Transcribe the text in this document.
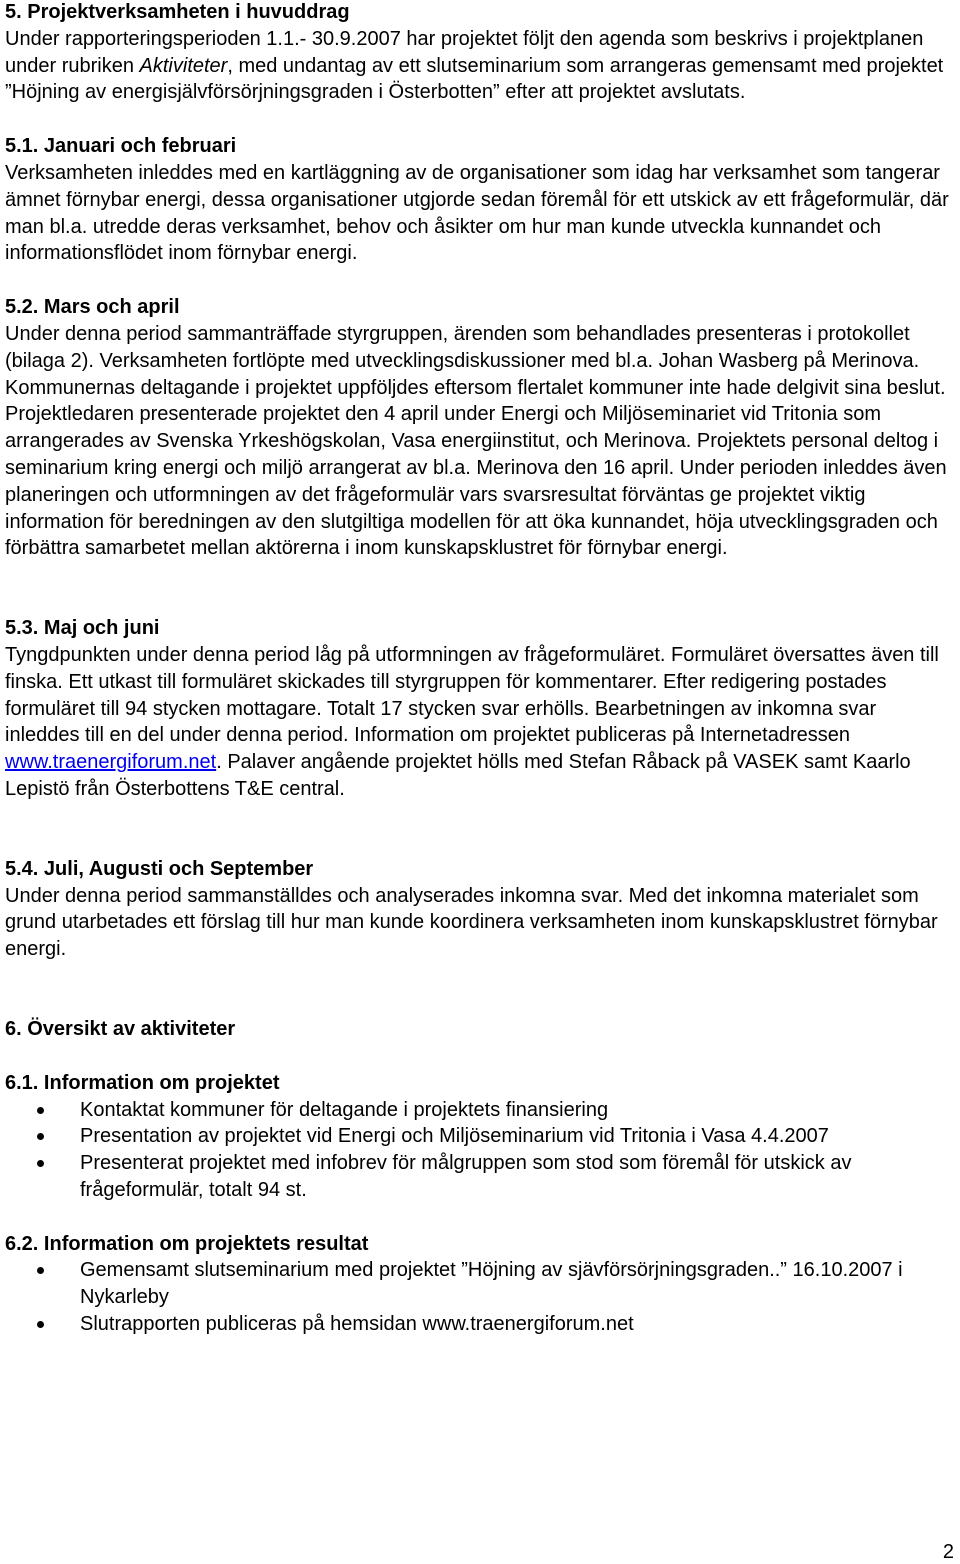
5. Projektverksamheten i huvuddrag

Under rapporteringsperioden 1.1.- 30.9.2007 har projektet följt den agenda som beskrivs i projektplanen under rubriken Aktiviteter, med undantag av ett slutseminarium som arrangeras gemensamt med projektet ”Höjning av energisjälvförsörjningsgraden i Österbotten” efter att projektet avslutats.

5.1. Januari och februari

Verksamheten inleddes med en kartläggning av de organisationer som idag har verksamhet som tangerar ämnet förnybar energi, dessa organisationer utgjorde sedan föremål för ett utskick av ett frågeformulär, där man bl.a. utredde deras verksamhet, behov och åsikter om hur man kunde utveckla kunnandet och informationsflödet inom förnybar energi.

5.2. Mars och april

Under denna period sammanträffade styrgruppen, ärenden som behandlades presenteras i protokollet (bilaga 2). Verksamheten fortlöpte med utvecklingsdiskussioner med bl.a. Johan Wasberg på Merinova. Kommunernas deltagande i projektet uppföljdes eftersom flertalet kommuner inte hade delgivit sina beslut. Projektledaren presenterade projektet den 4 april under Energi och Miljöseminariet vid Tritonia som arrangerades av Svenska Yrkeshögskolan, Vasa energiinstitut, och Merinova. Projektets personal deltog i seminarium kring energi och miljö arrangerat av bl.a. Merinova den 16 april. Under perioden inleddes även planeringen och utformningen av det frågeformulär vars svarsresultat förväntas ge projektet viktig information för beredningen av den slutgiltiga modellen för att öka kunnandet, höja utvecklingsgraden och förbättra samarbetet mellan aktörerna i inom kunskapsklustret för förnybar energi.

5.3. Maj och juni

Tyngdpunkten under denna period låg på utformningen av frågeformuläret. Formuläret översattes även till finska. Ett utkast till formuläret skickades till styrgruppen för kommentarer. Efter redigering postades formuläret till 94 stycken mottagare. Totalt 17 stycken svar erhölls. Bearbetningen av inkomna svar inleddes till en del under denna period. Information om projektet publiceras på Internetadressen www.traenergiforum.net. Palaver angående projektet hölls med Stefan Råback på VASEK samt Kaarlo Lepistö från Österbottens T&E central.

5.4. Juli, Augusti och September

Under denna period sammanställdes och analyserades inkomna svar. Med det inkomna materialet som grund utarbetades ett förslag till hur man kunde koordinera verksamheten inom kunskapsklustret förnybar energi.

6. Översikt av aktiviteter

6.1. Information om projektet

Kontaktat kommuner för deltagande i projektets finansiering
Presentation av projektet vid Energi och Miljöseminarium vid Tritonia i Vasa 4.4.2007
Presenterat projektet med infobrev för målgruppen som stod som föremål för utskick av frågeformulär, totalt 94 st.

6.2. Information om projektets resultat

Gemensamt slutseminarium med projektet ”Höjning av sjävförsörjningsgraden..” 16.10.2007 i Nykarleby
Slutrapporten publiceras på hemsidan www.traenergiforum.net
2
